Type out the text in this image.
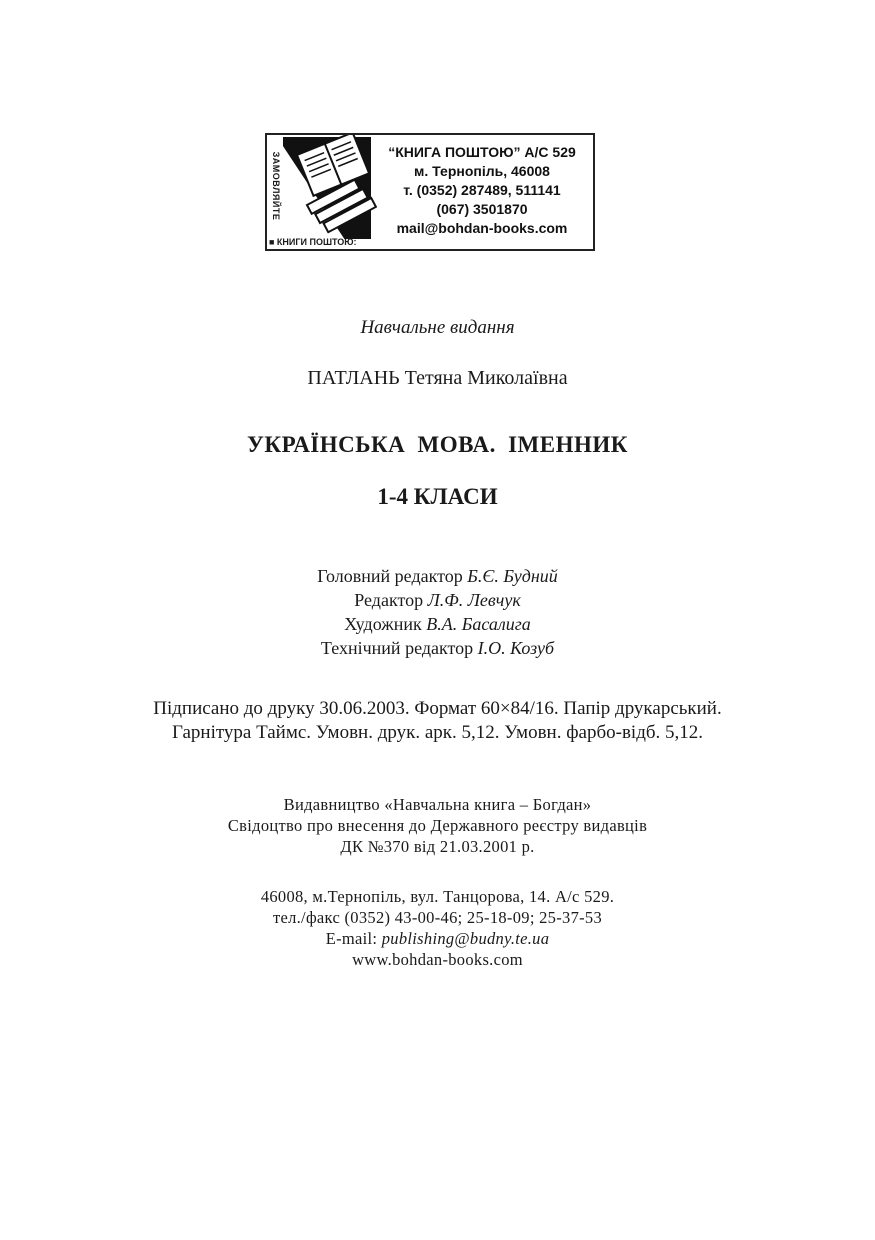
ЗАМОВЛЯЙТЕ
■ КНИГИ ПОШТОЮ:
“КНИГА ПОШТОЮ” А/С 529
м. Тернопіль, 46008
т. (0352) 287489, 511141
(067) 3501870
mail@bohdan-books.com
Навчальне видання
ПАТЛАНЬ Тетяна Миколаївна
УКРАЇНСЬКА МОВА. ІМЕННИК
1-4 КЛАСИ
Головний редактор Б.Є. Будний
Редактор Л.Ф. Левчук
Художник В.А. Басалига
Технічний редактор І.О. Козуб
Підписано до друку 30.06.2003. Формат 60×84/16. Папір друкарський.
Гарнітура Таймс. Умовн. друк. арк. 5,12. Умовн. фарбо-відб. 5,12.
Видавництво «Навчальна книга – Богдан»
Свідоцтво про внесення до Державного реєстру видавців
ДК №370 від 21.03.2001 р.
46008, м.Тернопіль, вул. Танцорова, 14. А/с 529.
тел./факс (0352) 43-00-46; 25-18-09; 25-37-53
E-mail: publishing@budny.te.ua
www.bohdan-books.com
